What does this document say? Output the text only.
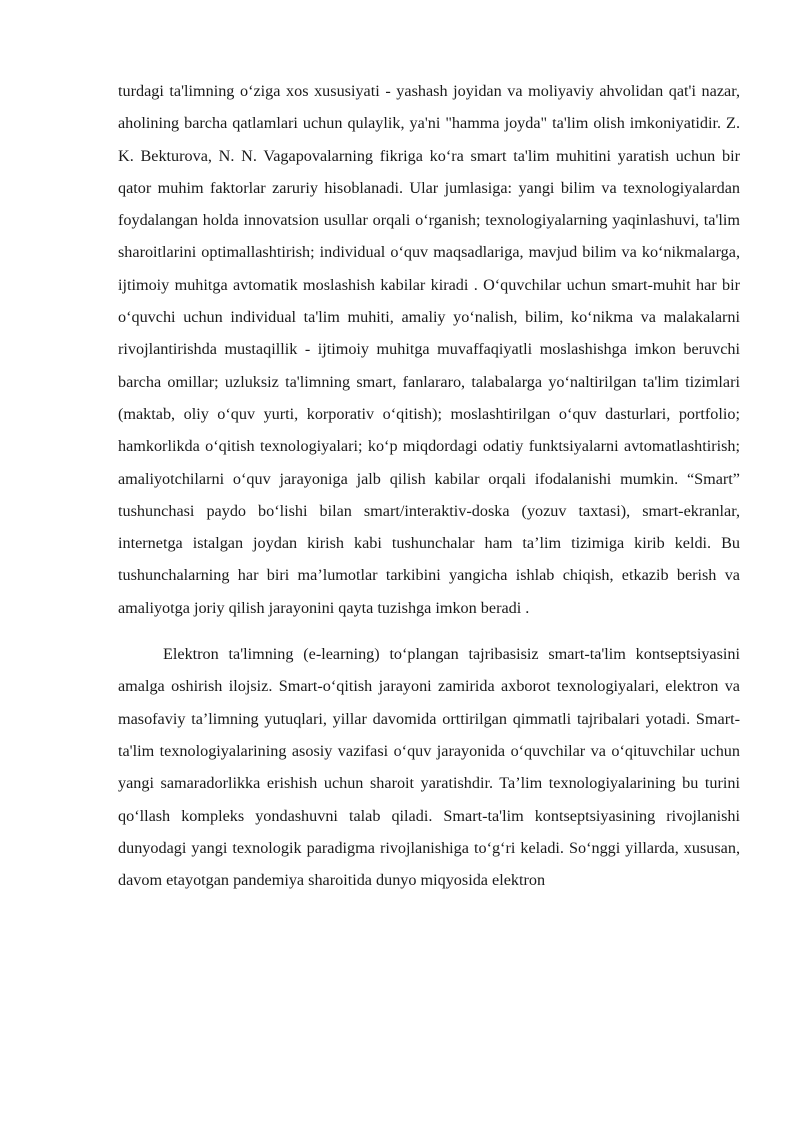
turdagi ta'limning o‘ziga xos xususiyati - yashash joyidan va moliyaviy ahvolidan qat'i nazar, aholining barcha qatlamlari uchun qulaylik, ya'ni "hamma joyda" ta'lim olish imkoniyatidir. Z. K. Bekturova, N. N. Vagapovalarning fikriga ko‘ra smart ta'lim muhitini yaratish uchun bir qator muhim faktorlar zaruriy hisoblanadi. Ular jumlasiga: yangi bilim va texnologiyalardan foydalangan holda innovatsion usullar orqali o‘rganish; texnologiyalarning yaqinlashuvi, ta'lim sharoitlarini optimallashtirish; individual o‘quv maqsadlariga, mavjud bilim va ko‘nikmalarga, ijtimoiy muhitga avtomatik moslashish kabilar kiradi . O‘quvchilar uchun smart-muhit har bir o‘quvchi uchun individual ta'lim muhiti, amaliy yo‘nalish, bilim, ko‘nikma va malakalarni rivojlantirishda mustaqillik - ijtimoiy muhitga muvaffaqiyatli moslashishga imkon beruvchi barcha omillar; uzluksiz ta'limning smart, fanlararo, talabalarga yo‘naltirilgan ta'lim tizimlari (maktab, oliy o‘quv yurti, korporativ o‘qitish); moslashtirilgan o‘quv dasturlari, portfolio; hamkorlikda o‘qitish texnologiyalari; ko‘p miqdordagi odatiy funktsiyalarni avtomatlashtirish; amaliyotchilarni o‘quv jarayoniga jalb qilish kabilar orqali ifodalanishi mumkin. “Smart” tushunchasi paydo bo‘lishi bilan smart/interaktiv-doska (yozuv taxtasi), smart-ekranlar, internetga istalgan joydan kirish kabi tushunchalar ham ta’lim tizimiga kirib keldi. Bu tushunchalarning har biri ma’lumotlar tarkibini yangicha ishlab chiqish, etkazib berish va amaliyotga joriy qilish jarayonini qayta tuzishga imkon beradi .

Elektron ta'limning (e-learning) to‘plangan tajribasisiz smart-ta'lim kontseptsiyasini amalga oshirish ilojsiz. Smart-o‘qitish jarayoni zamirida axborot texnologiyalari, elektron va masofaviy ta’limning yutuqlari, yillar davomida orttirilgan qimmatli tajribalari yotadi. Smart-ta'lim texnologiyalarining asosiy vazifasi o‘quv jarayonida o‘quvchilar va o‘qituvchilar uchun yangi samaradorlikka erishish uchun sharoit yaratishdir. Ta’lim texnologiyalarining bu turini qo‘llash kompleks yondashuvni talab qiladi. Smart-ta'lim kontseptsiyasining rivojlanishi dunyodagi yangi texnologik paradigma rivojlanishiga to‘g‘ri keladi. So‘nggi yillarda, xususan, davom etayotgan pandemiya sharoitida dunyo miqyosida elektron
